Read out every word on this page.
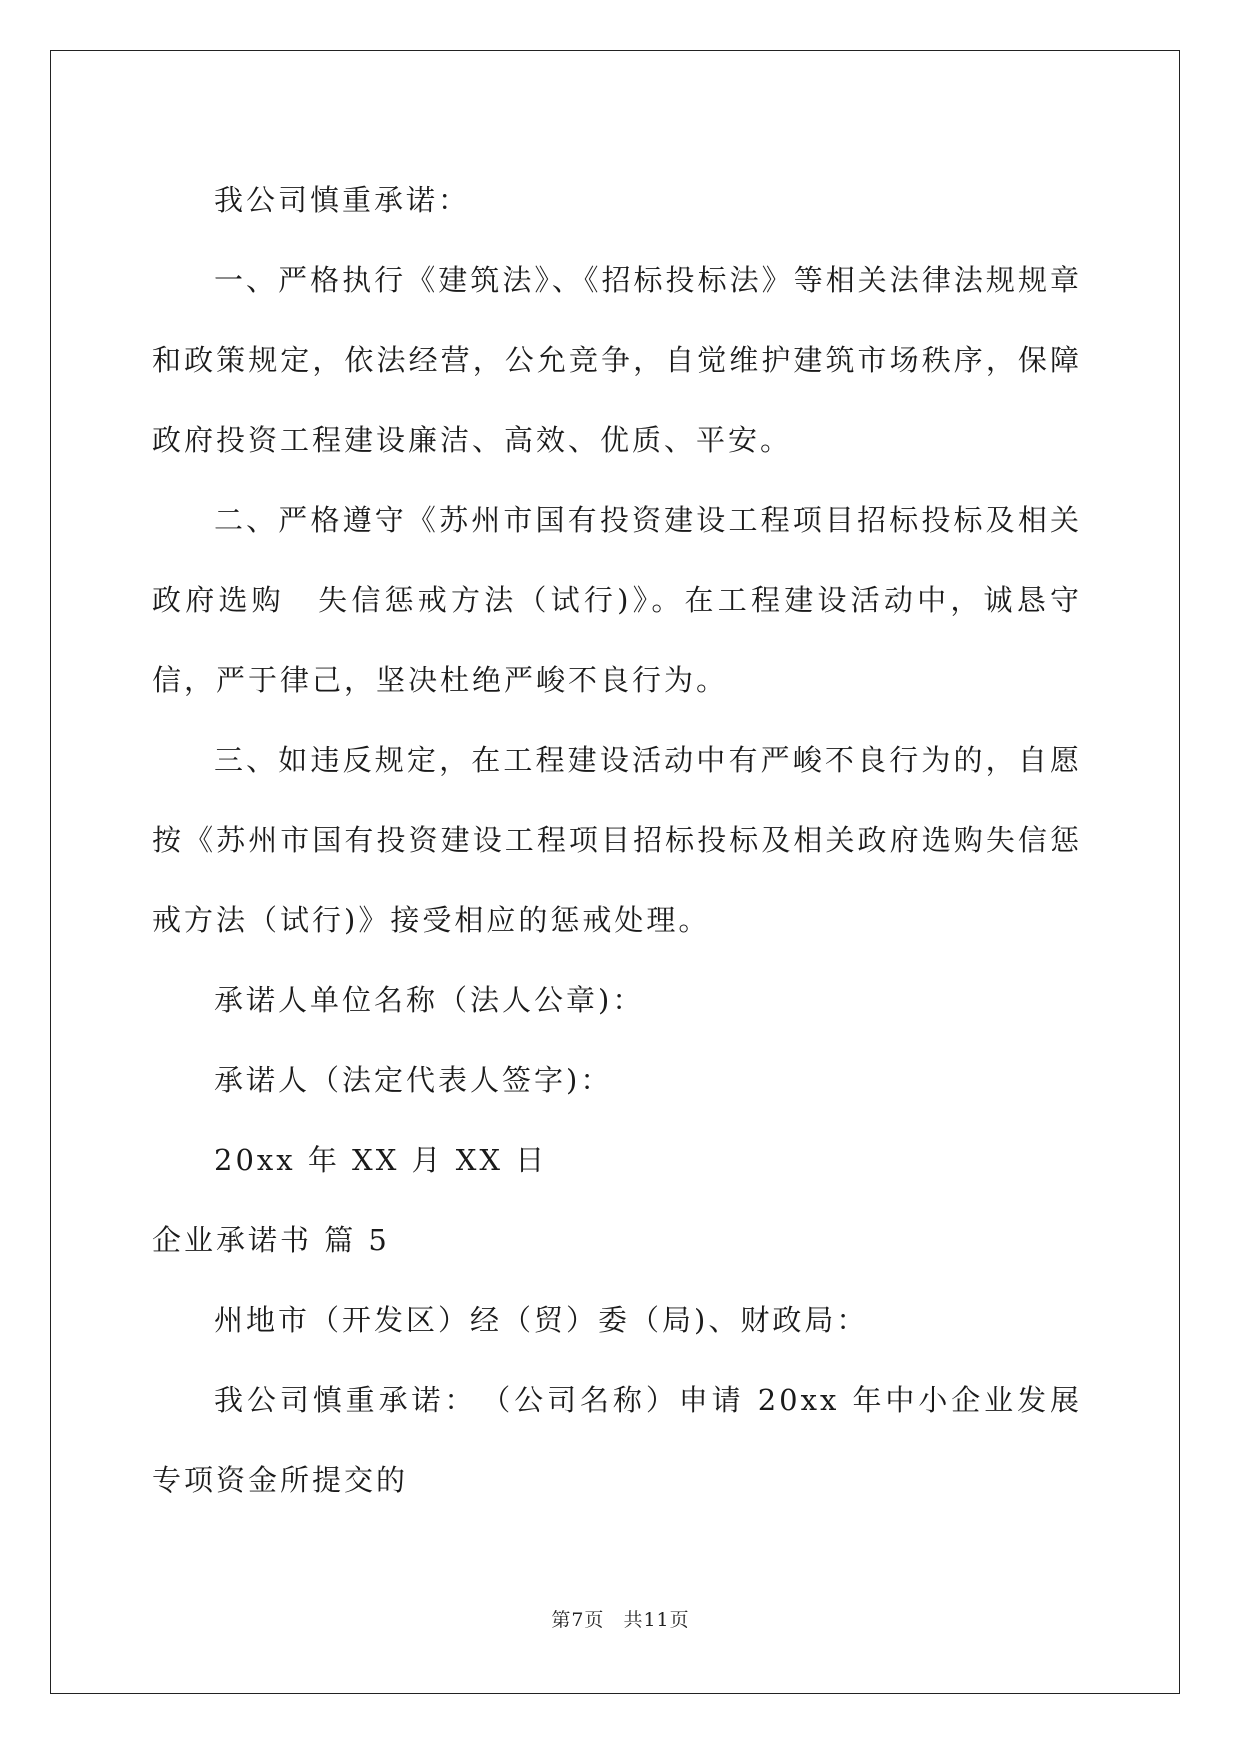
我公司慎重承诺：

一、严格执行《建筑法》、《招标投标法》等相关法律法规规章和政策规定，依法经营，公允竞争，自觉维护建筑市场秩序，保障政府投资工程建设廉洁、高效、优质、平安。

二、严格遵守《苏州市国有投资建设工程项目招标投标及相关政府选购　失信惩戒方法（试行)》。在工程建设活动中，诚恳守信，严于律己，坚决杜绝严峻不良行为。

三、如违反规定，在工程建设活动中有严峻不良行为的，自愿按《苏州市国有投资建设工程项目招标投标及相关政府选购失信惩戒方法（试行)》接受相应的惩戒处理。

承诺人单位名称（法人公章)：

承诺人（法定代表人签字)：

20xx 年 XX 月 XX 日

企业承诺书 篇 5

州地市（开发区）经（贸）委（局)、财政局：

我公司慎重承诺：　（公司名称）申请 20xx 年中小企业发展专项资金所提交的

第7页 共11页
